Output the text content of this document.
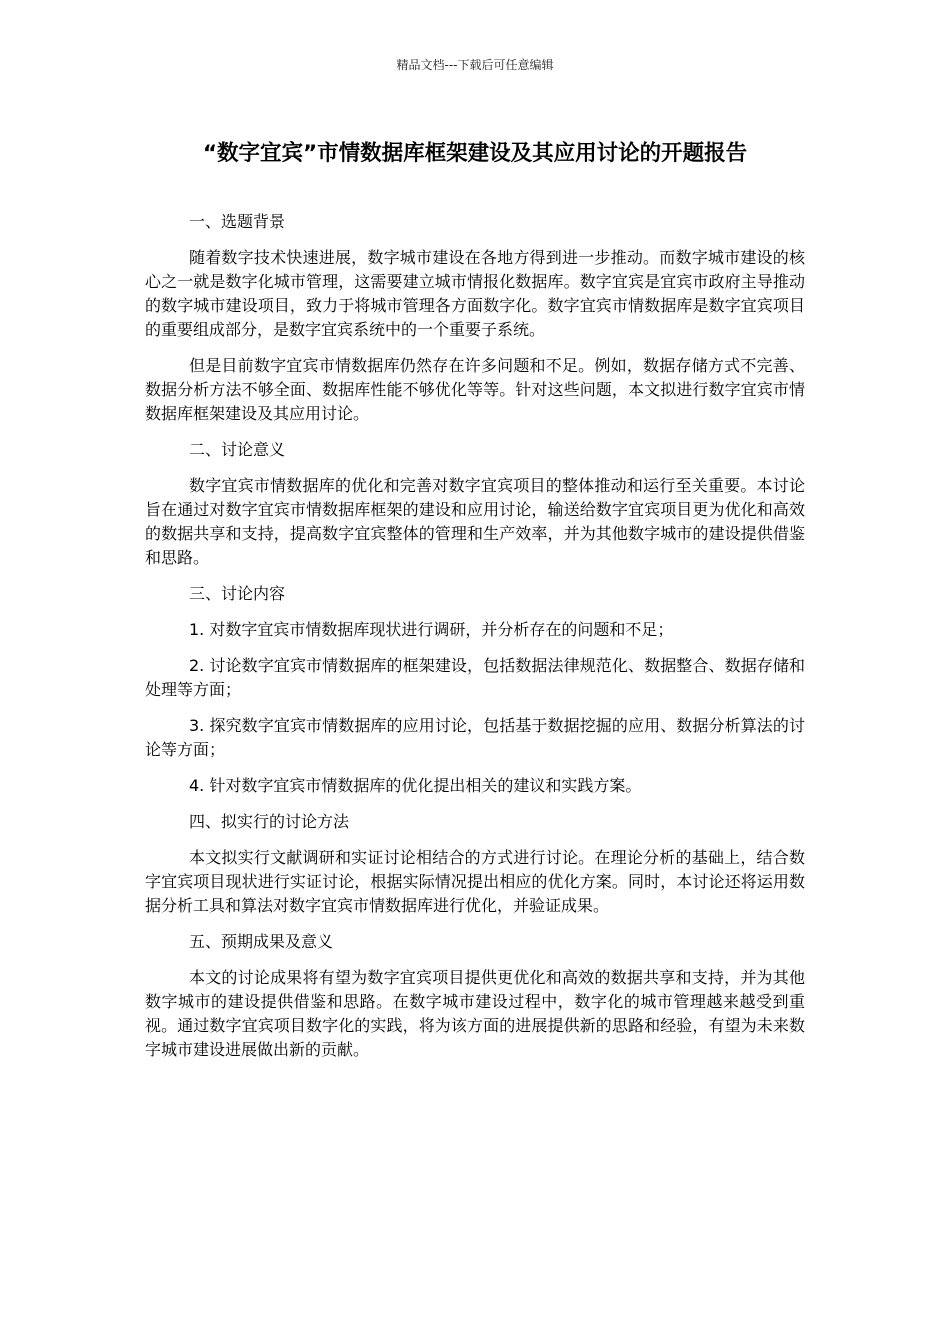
精品文档---下载后可任意编辑
“数字宜宾”市情数据库框架建设及其应用讨论的开题报告

一、选题背景

随着数字技术快速进展，数字城市建设在各地方得到进一步推动。而数字城市建设的核心之一就是数字化城市管理，这需要建立城市情报化数据库。数字宜宾是宜宾市政府主导推动的数字城市建设项目，致力于将城市管理各方面数字化。数字宜宾市情数据库是数字宜宾项目的重要组成部分，是数字宜宾系统中的一个重要子系统。

但是目前数字宜宾市情数据库仍然存在许多问题和不足。例如，数据存储方式不完善、数据分析方法不够全面、数据库性能不够优化等等。针对这些问题，本文拟进行数字宜宾市情数据库框架建设及其应用讨论。

二、讨论意义

数字宜宾市情数据库的优化和完善对数字宜宾项目的整体推动和运行至关重要。本讨论旨在通过对数字宜宾市情数据库框架的建设和应用讨论，输送给数字宜宾项目更为优化和高效的数据共享和支持，提高数字宜宾整体的管理和生产效率，并为其他数字城市的建设提供借鉴和思路。

三、讨论内容

1. 对数字宜宾市情数据库现状进行调研，并分析存在的问题和不足；

2. 讨论数字宜宾市情数据库的框架建设，包括数据法律规范化、数据整合、数据存储和处理等方面；

3. 探究数字宜宾市情数据库的应用讨论，包括基于数据挖掘的应用、数据分析算法的讨论等方面；

4. 针对数字宜宾市情数据库的优化提出相关的建议和实践方案。

四、拟实行的讨论方法

本文拟实行文献调研和实证讨论相结合的方式进行讨论。在理论分析的基础上，结合数字宜宾项目现状进行实证讨论，根据实际情况提出相应的优化方案。同时，本讨论还将运用数据分析工具和算法对数字宜宾市情数据库进行优化，并验证成果。

五、预期成果及意义

本文的讨论成果将有望为数字宜宾项目提供更优化和高效的数据共享和支持，并为其他数字城市的建设提供借鉴和思路。在数字城市建设过程中，数字化的城市管理越来越受到重视。通过数字宜宾项目数字化的实践，将为该方面的进展提供新的思路和经验，有望为未来数字城市建设进展做出新的贡献。
